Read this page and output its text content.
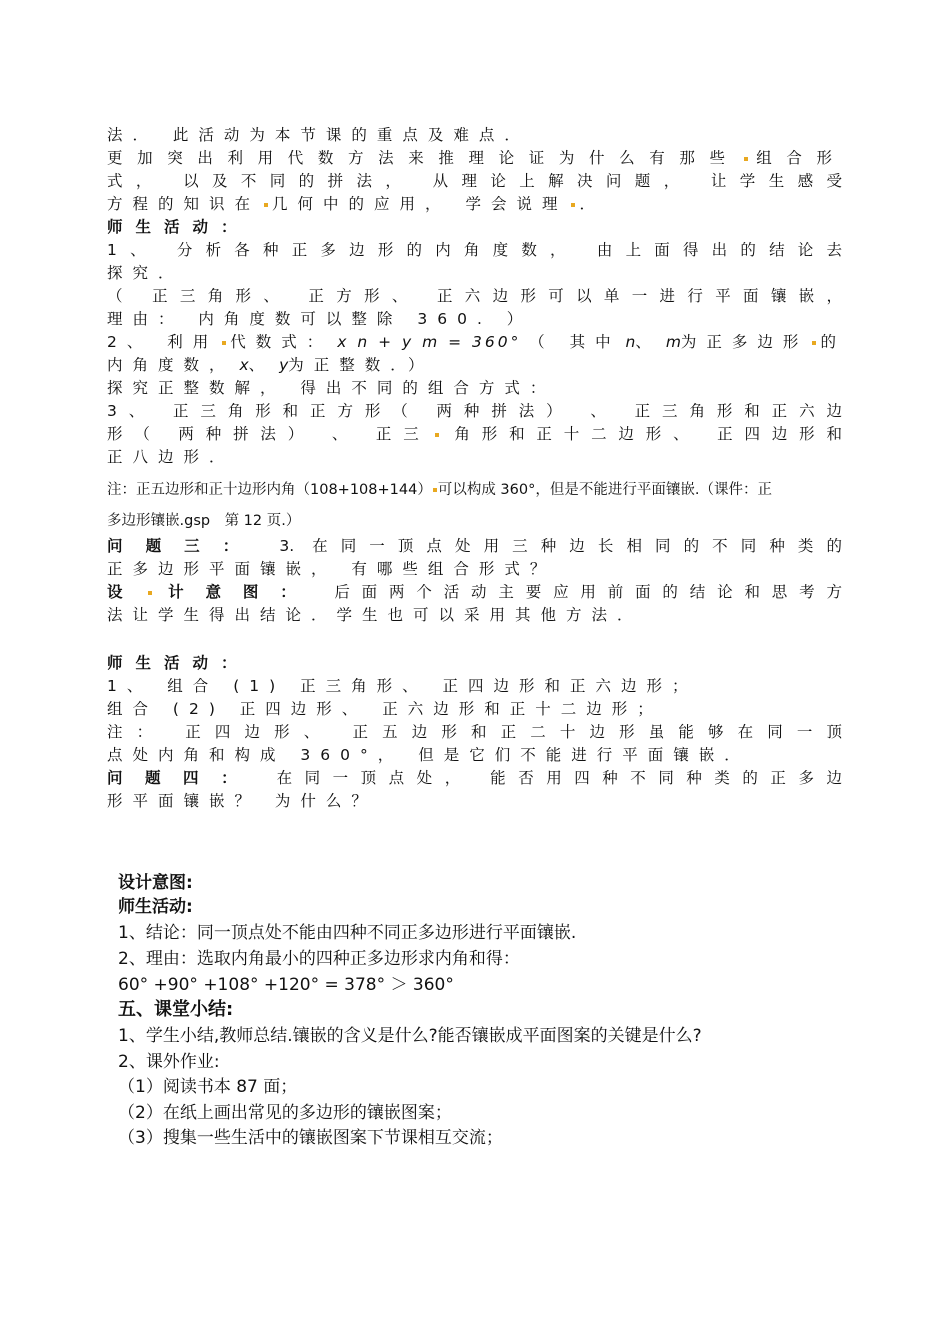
法． 此活动为本节课的重点及难点．
更加突出利用代数方法来推理论证为什么有那些 组合形
式， 以及不同的拼法， 从理论上解决问题， 让学生感受
方程的知识在 几何中的应用， 学会说理 ．
师生活动：
1、 分析各种正多边形的内角度数， 由上面得出的结论去
探究．
（ 正三角形、 正方形、 正六边形可以单一进行平面镶嵌，
理由： 内角度数可以整除 360. ）
2、 利用 代数式： x n + y m = 360°　 （ 其中 n、 m为正多边形 的
内角度数， x、 y为正整数．）
探究正整数解， 得出不同的组合方式：
3、 正三角形和正方形（ 两种拼法） 、 正三角形和正六边
形（ 两种拼法） 、 正三 角形和正十二边形、 正四边形和
正八边形．
注：正五边形和正十边形内角（108+108+144） 可以构成 360°，但是不能进行平面镶嵌.（课件：正
多边形镶嵌.gsp　第 12 页.）
问题三： 3. 在同一顶点处用三种边长相同的不同种类的
正多边形平面镶嵌， 有哪些组合形式？
设 计意图： 后面两个活动主要应用前面的结论和思考方
法让学生得出结论．学生也可以采用其他方法．
师生活动：
1、 组合 (1) 正三角形、 正四边形和正六边形；
组合 (2) 正四边形、 正六边形和正十二边形；
注： 正四边形、 正五边形和正二十边形虽能够在同一顶
点处内角和构成 360°， 但是它们不能进行平面镶嵌．
问题四： 在同一顶点处， 能否用四种不同种类的正多边
形平面镶嵌？ 为什么？
设计意图:
师生活动:
1、结论：同一顶点处不能由四种不同正多边形进行平面镶嵌.
2、理由：选取内角最小的四种正多边形求内角和得：
60° +90° +108° +120° = 378° ＞ 360°
五、课堂小结:
1、学生小结,教师总结.镶嵌的含义是什么?能否镶嵌成平面图案的关键是什么?
2、课外作业:
（1）阅读书本 87 面；
（2）在纸上画出常见的多边形的镶嵌图案；
（3）搜集一些生活中的镶嵌图案下节课相互交流；
